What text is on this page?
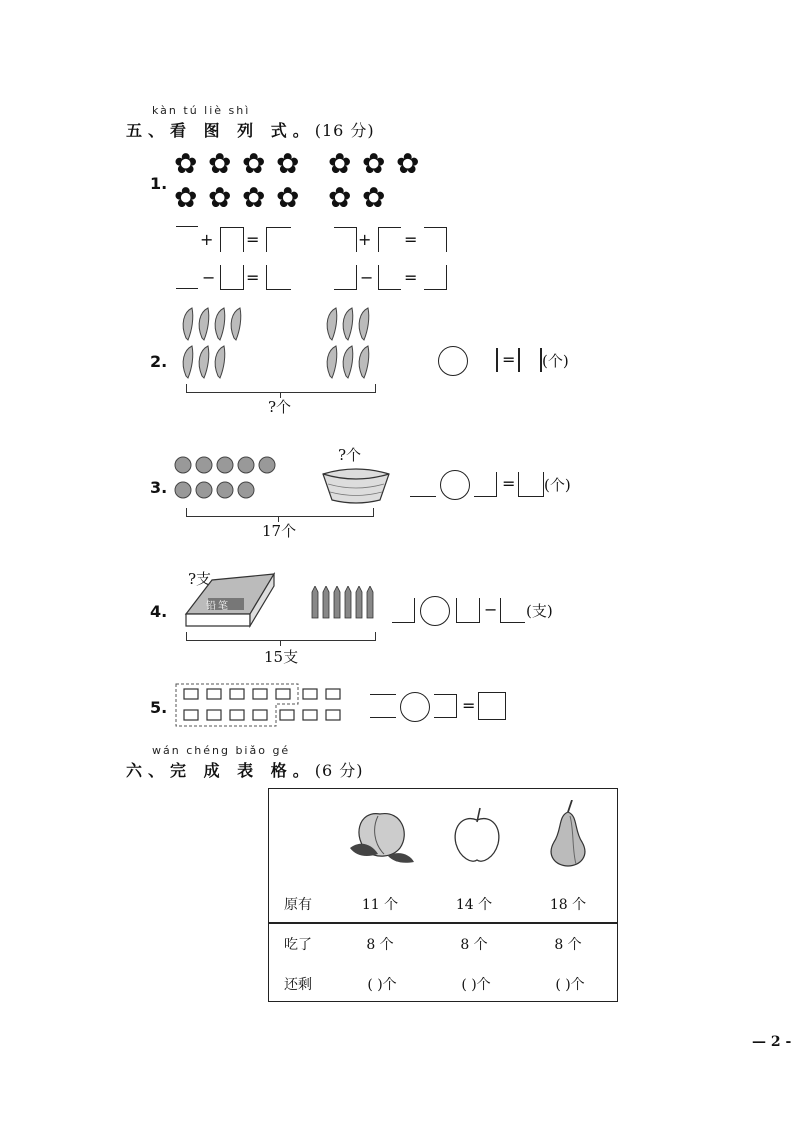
kàn tú liè shì
五、看 图 列 式。(16 分)
1.
✿ ✿ ✿ ✿ ✿ ✿ ✿
✿ ✿ ✿ ✿ ✿ ✿
+ =	+ =
− =	− =
2.
?个
= (个)
3.
?个
17个
= (个)
4.
?支
铅笔
15支
− (支)
5.	=
wán chéng biǎo gé
六、完 成 表 格。(6 分)
原有	11 个	14 个	18 个
吃了	8 个	8 个	8 个
还剩	( )个	( )个	( )个
— 2 -
